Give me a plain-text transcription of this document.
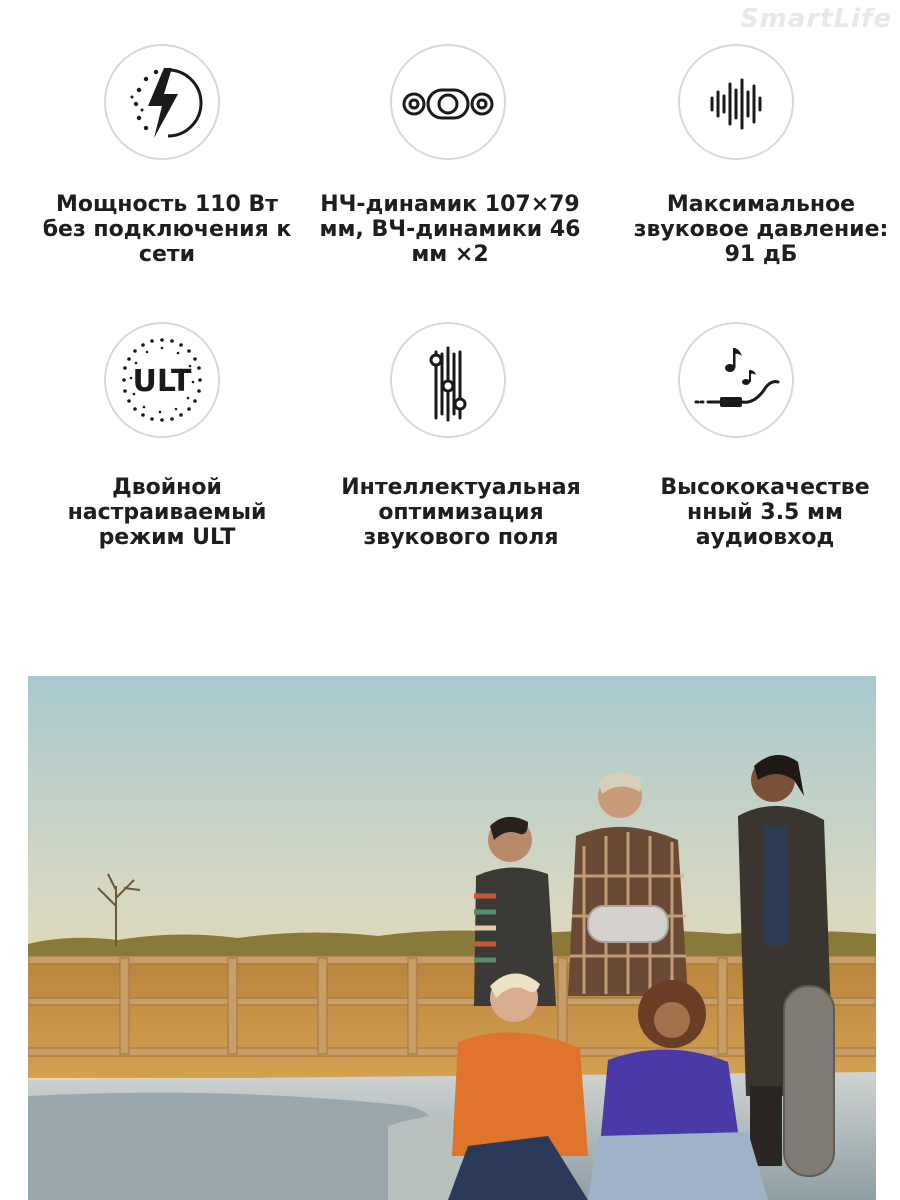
SmartLife
Мощность 110 Вт без подключения к сети
НЧ-динамик 107×79 мм, ВЧ-динамики 46 мм ×2
Максимальное звуковое давление: 91 дБ
ULT
Двойной настраиваемый режим ULT
Интеллектуальная оптимизация звукового поля
Высококачестве нный 3.5 мм аудиовход
